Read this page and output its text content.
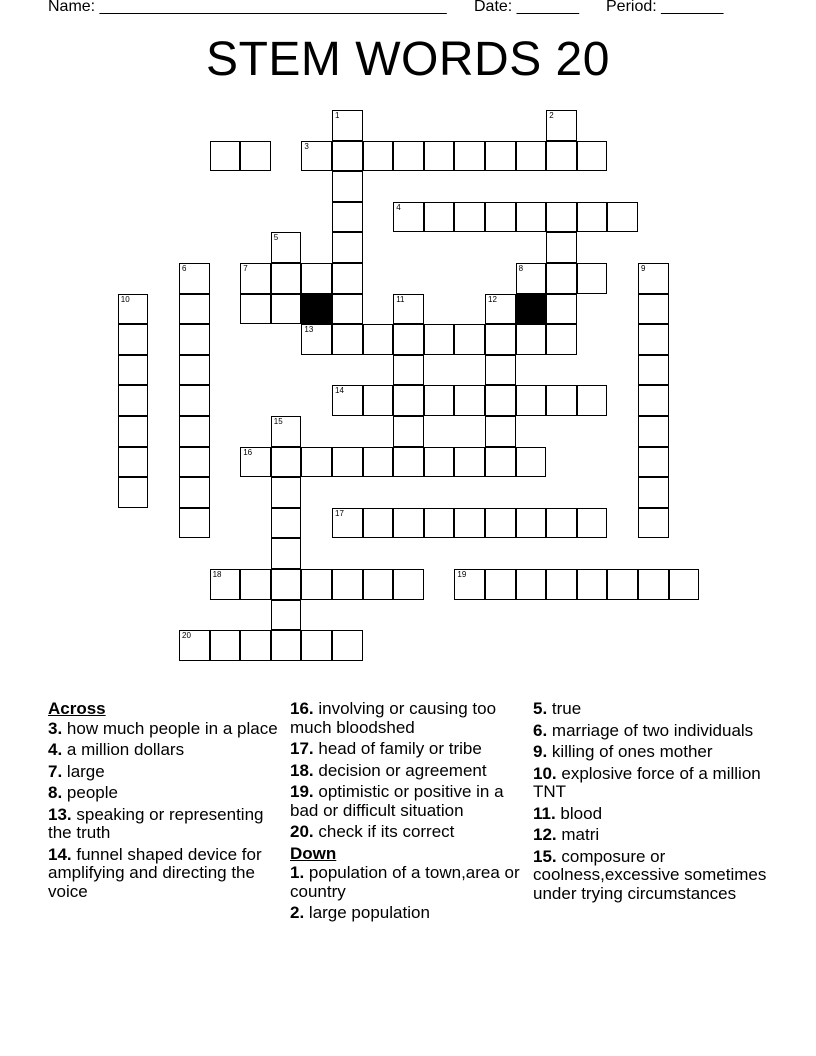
Name: _______________________________________ Date: _______ Period: _______
STEM WORDS 20
1
3
2
4
5
6	7	8	9
10	11	12
13
14
15
16
17
18	19
20
Across
3. how much people in a place
4. a million dollars
7. large
8. people
13. speaking or representing the truth
14. funnel shaped device for amplifying and directing the voice
16. involving or causing too much bloodshed
17. head of family or tribe
18. decision or agreement
19. optimistic or positive in a bad or difficult situation
20. check if its correct
Down
1. population of a town,area or country
2. large population
5. true
6. marriage of two individuals
9. killing of ones mother
10. explosive force of a million TNT
11. blood
12. matri
15. composure or coolness,excessive sometimes under trying circumstances
